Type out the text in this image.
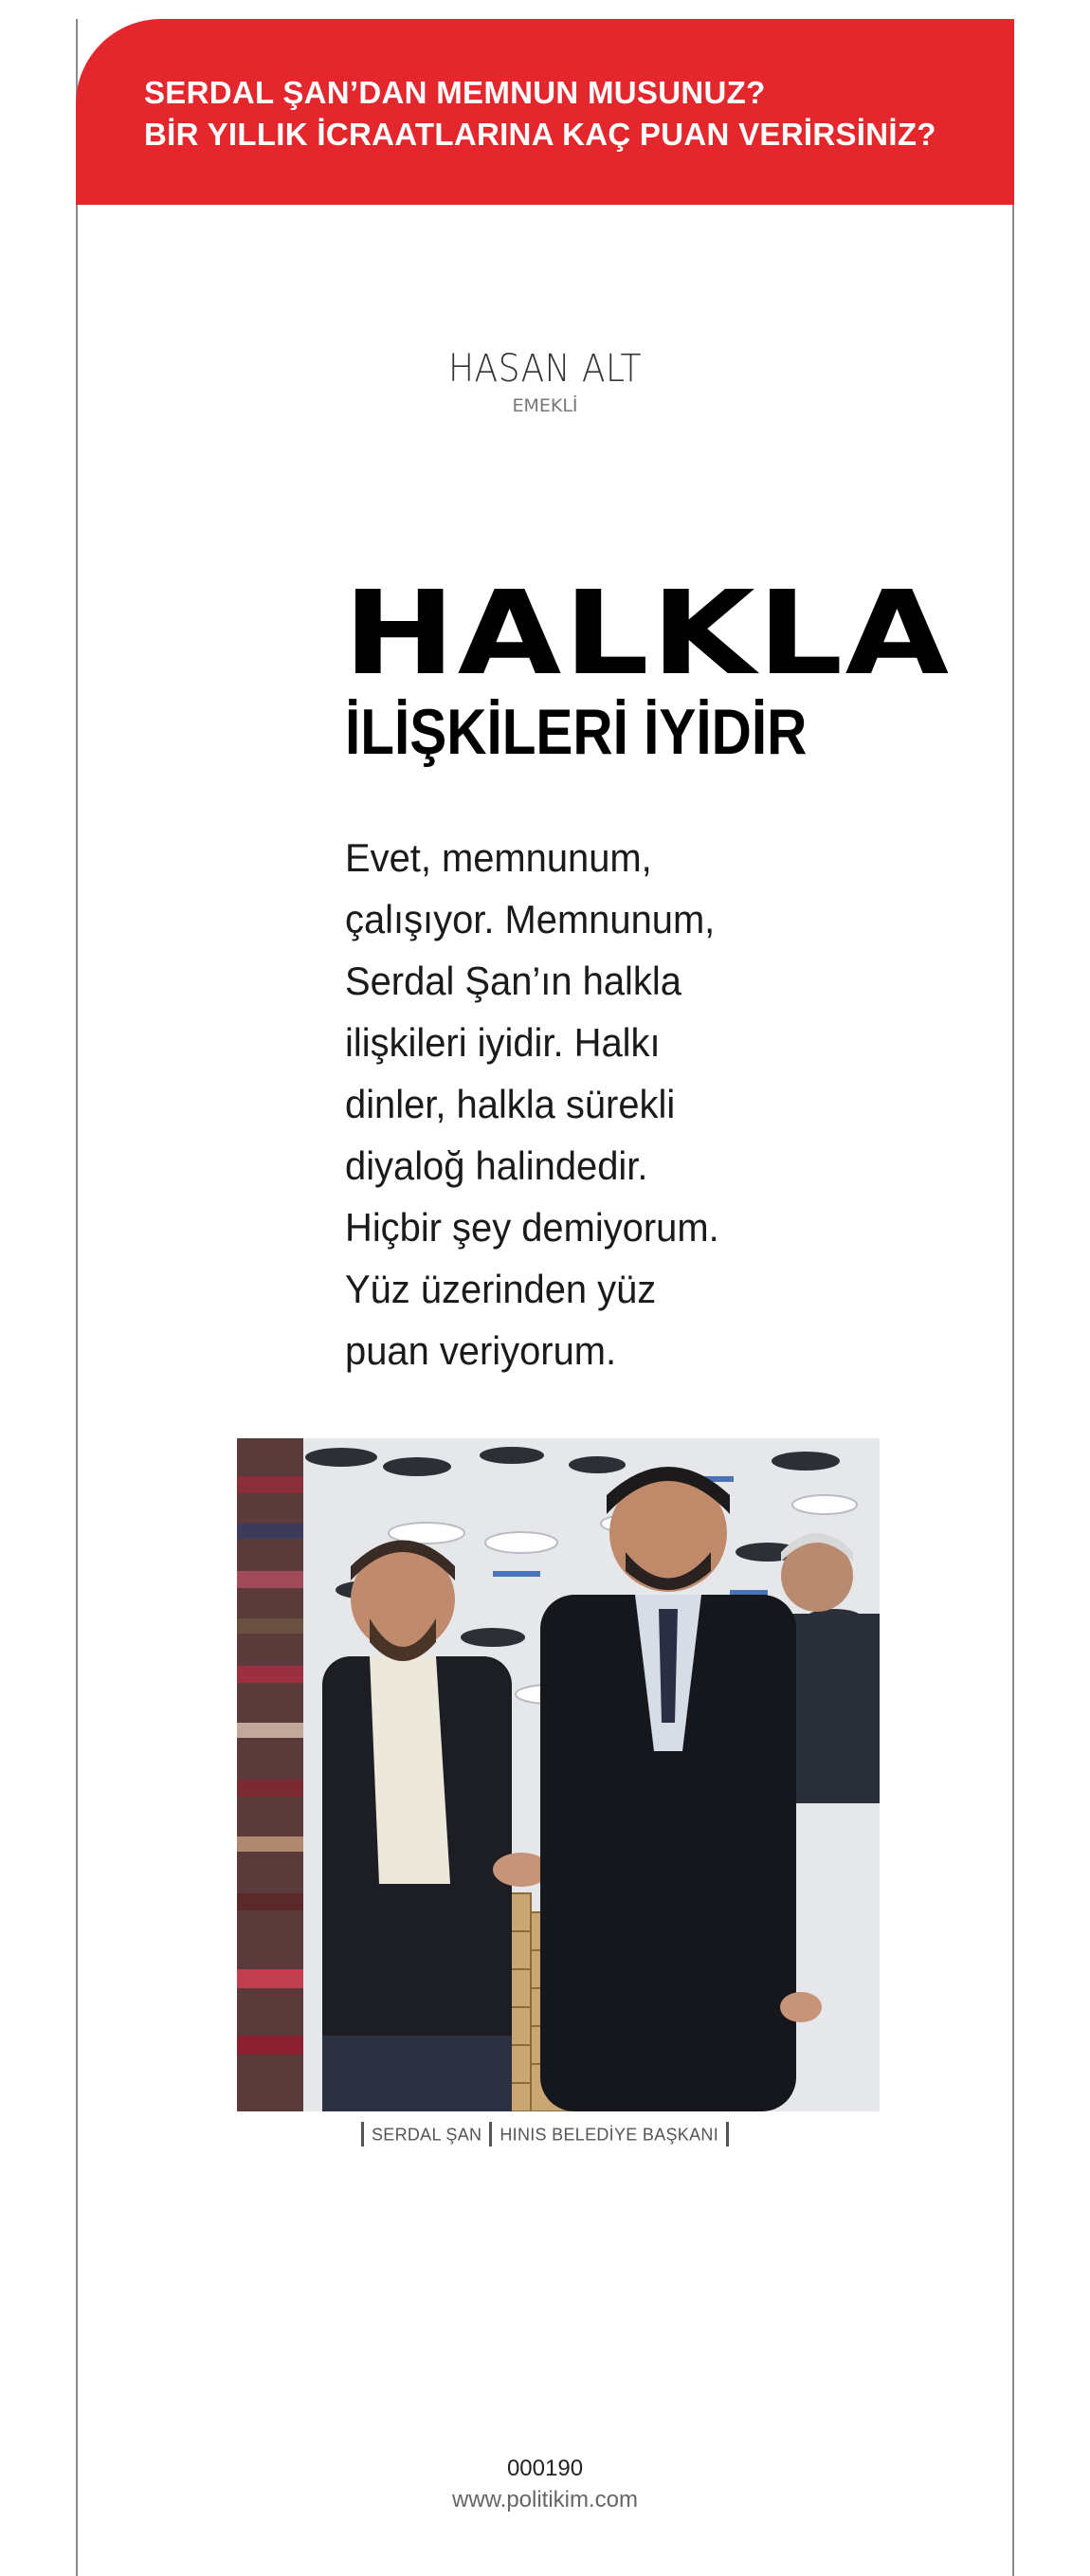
SERDAL ŞAN’DAN MEMNUN MUSUNUZ?
BİR YILLIK İCRAATLARINA KAÇ PUAN VERİRSİNİZ?
HASAN ALT
EMEKLİ
HALKLA
İLİŞKİLERİ İYİDİR

Evet, memnunum,
çalışıyor. Memnunum,
Serdal Şan’ın halkla
ilişkileri iyidir. Halkı
dinler, halkla sürekli
diyaloğ halindedir.
Hiçbir şey demiyorum.
Yüz üzerinden yüz
puan veriyorum.

SERDAL ŞAN HINIS BELEDİYE BAŞKANI
000190
www.politikim.com
